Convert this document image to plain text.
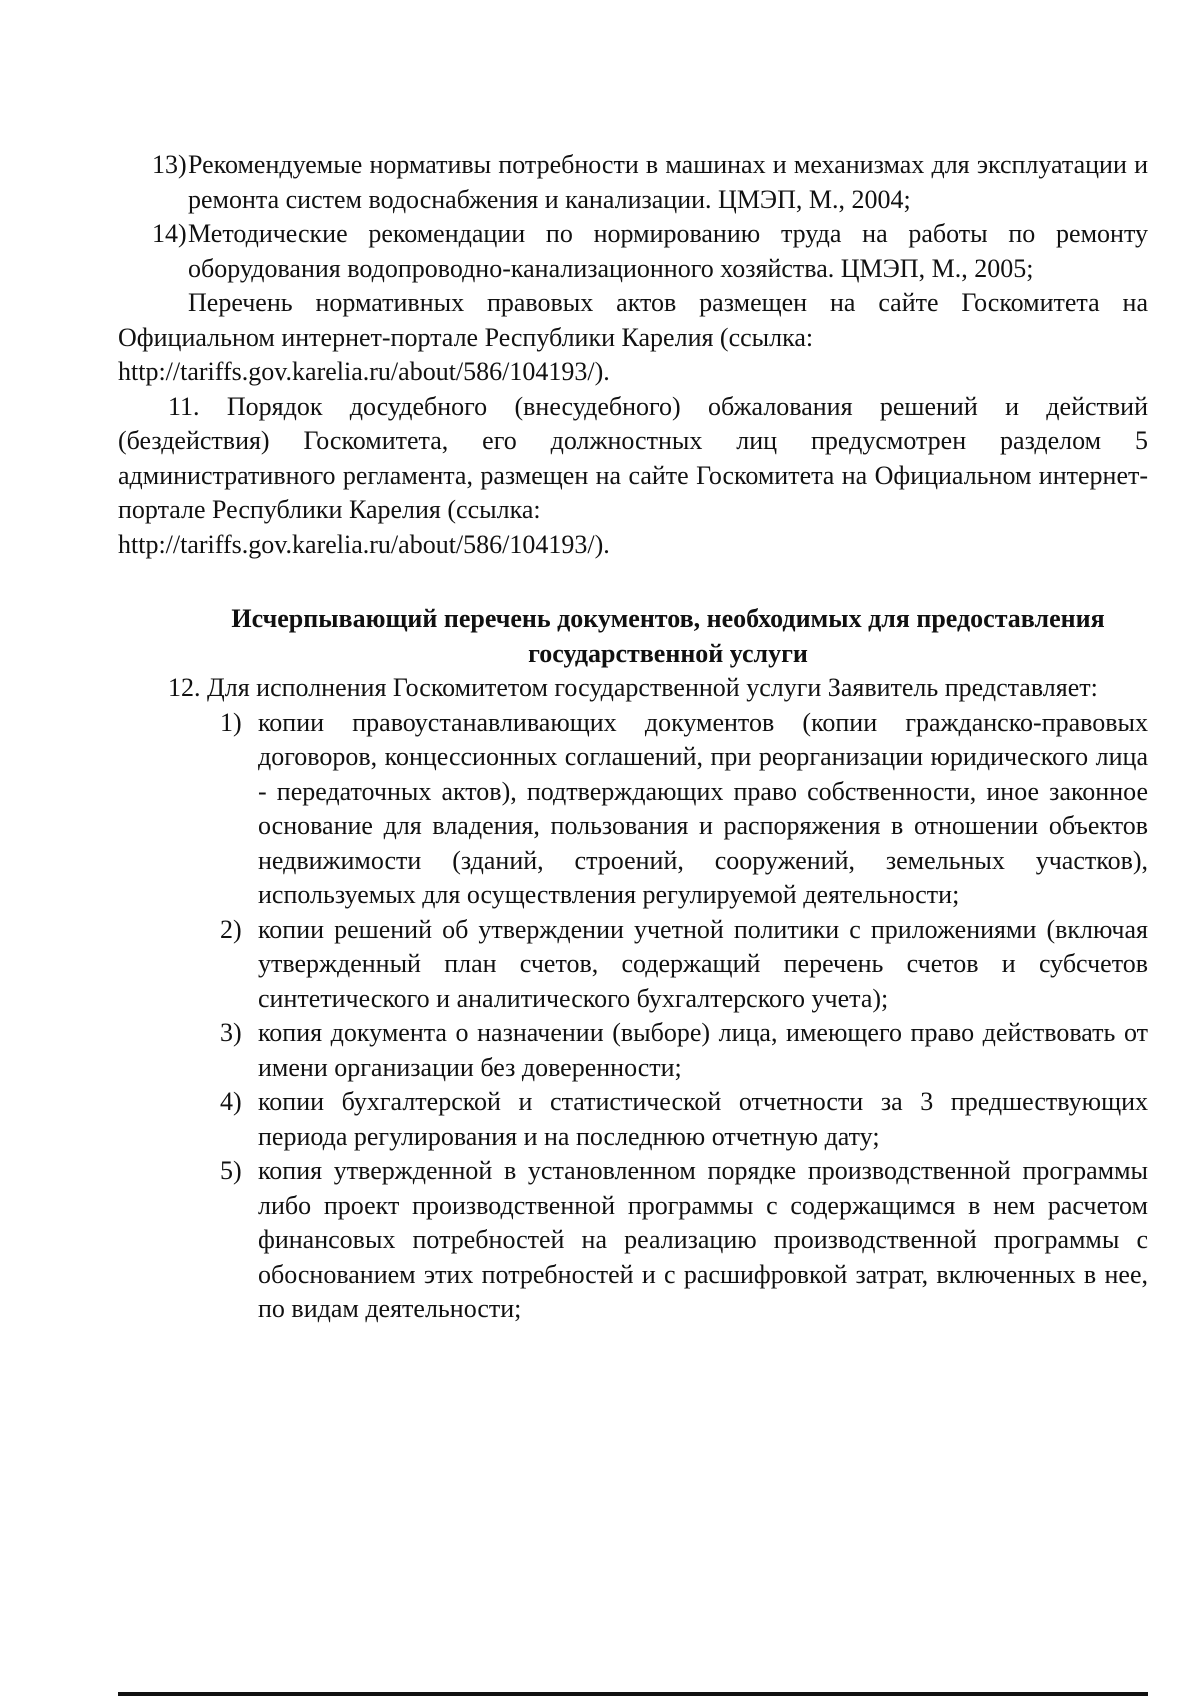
13) Рекомендуемые нормативы потребности в машинах и механизмах для эксплуатации и ремонта систем водоснабжения и канализации. ЦМЭП, М., 2004;
14) Методические рекомендации по нормированию труда на работы по ремонту оборудования водопроводно-канализационного хозяйства. ЦМЭП, М., 2005;

Перечень нормативных правовых актов размещен на сайте Госкомитета на Официальном интернет-портале Республики Карелия (ссылка:
http://tariffs.gov.karelia.ru/about/586/104193/).

11. Порядок досудебного (внесудебного) обжалования решений и действий (бездействия) Госкомитета, его должностных лиц предусмотрен разделом 5 административного регламента, размещен на сайте Госкомитета на Официальном интернет-портале Республики Карелия (ссылка:
http://tariffs.gov.karelia.ru/about/586/104193/).

Исчерпывающий перечень документов, необходимых для предоставления
государственной услуги

12. Для исполнения Госкомитетом государственной услуги Заявитель представляет:

1) копии правоустанавливающих документов (копии гражданско-правовых договоров, концессионных соглашений, при реорганизации юридического лица - передаточных актов), подтверждающих право собственности, иное законное основание для владения, пользования и распоряжения в отношении объектов недвижимости (зданий, строений, сооружений, земельных участков), используемых для осуществления регулируемой деятельности;
2) копии решений об утверждении учетной политики с приложениями (включая утвержденный план счетов, содержащий перечень счетов и субсчетов синтетического и аналитического бухгалтерского учета);
3) копия документа о назначении (выборе) лица, имеющего право действовать от имени организации без доверенности;
4) копии бухгалтерской и статистической отчетности за 3 предшествующих периода регулирования и на последнюю отчетную дату;
5) копия утвержденной в установленном порядке производственной программы либо проект производственной программы с содержащимся в нем расчетом финансовых потребностей на реализацию производственной программы с обоснованием этих потребностей и с расшифровкой затрат, включенных в нее, по видам деятельности;
